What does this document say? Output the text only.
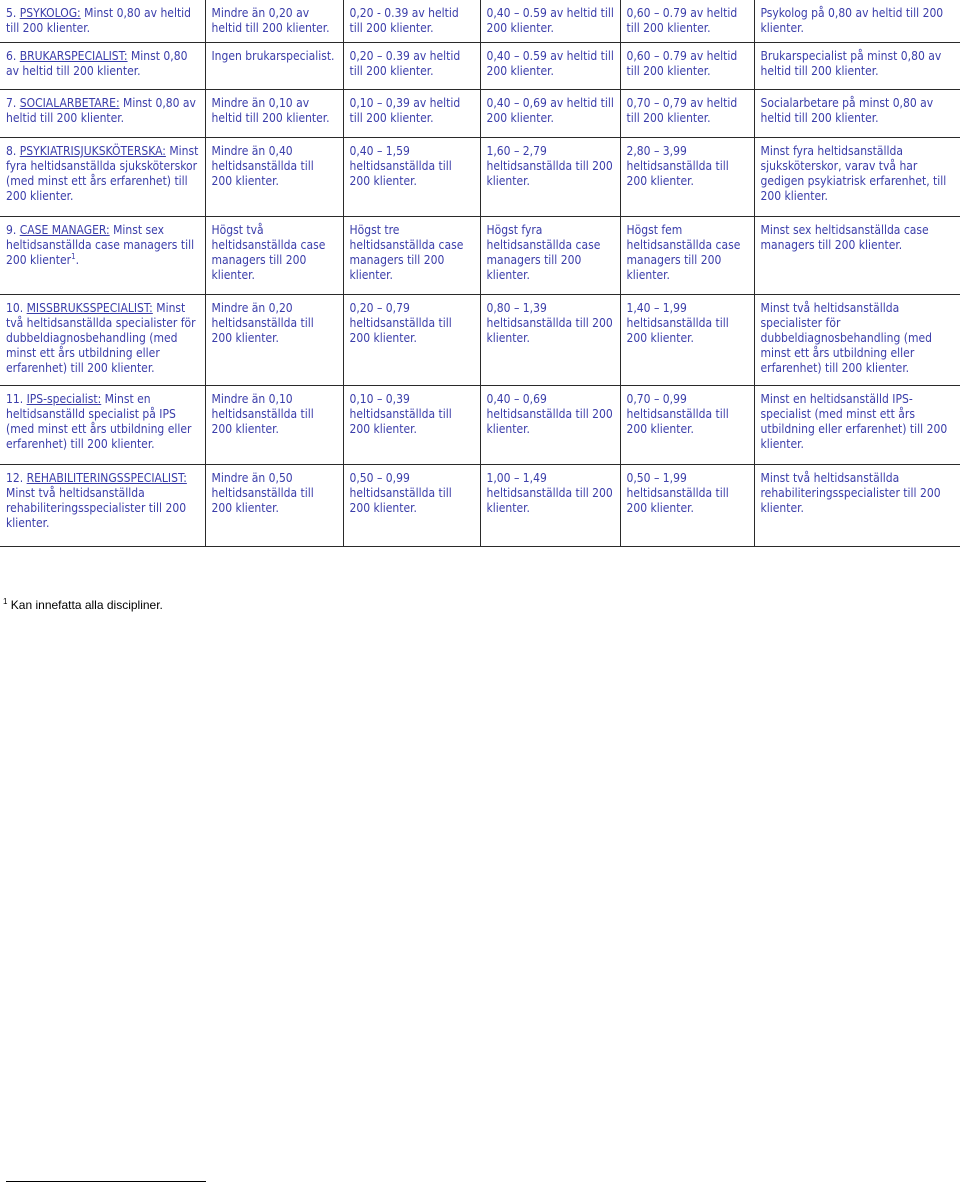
5. PSYKOLOG: Minst 0,80 av heltid till 200 klienter.	Mindre än 0,20 av heltid till 200 klienter.	0,20 - 0.39 av heltid till 200 klienter.	0,40 – 0.59 av heltid till 200 klienter.	0,60 – 0.79 av heltid till 200 klienter.	Psykolog på 0,80 av heltid till 200 klienter.
6. BRUKARSPECIALIST: Minst 0,80 av heltid till 200 klienter.	Ingen brukarspecialist.	0,20 – 0.39 av heltid till 200 klienter.	0,40 – 0.59 av heltid till 200 klienter.	0,60 – 0.79 av heltid till 200 klienter.	Brukarspecialist på minst 0,80 av heltid till 200 klienter.
7. SOCIALARBETARE: Minst 0,80 av heltid till 200 klienter.	Mindre än 0,10 av heltid till 200 klienter.	0,10 – 0,39 av heltid till 200 klienter.	0,40 – 0,69 av heltid till 200 klienter.	0,70 – 0,79 av heltid till 200 klienter.	Socialarbetare på minst 0,80 av heltid till 200 klienter.
8. PSYKIATRISJUKSKÖTERSKA: Minst fyra heltidsanställda sjuksköterskor (med minst ett års erfarenhet) till 200 klienter.	Mindre än 0,40 heltidsanställda till 200 klienter.	0,40 – 1,59 heltidsanställda till 200 klienter.	1,60 – 2,79 heltidsanställda till 200 klienter.	2,80 – 3,99 heltidsanställda till 200 klienter.	Minst fyra heltidsanställda sjuksköterskor, varav två har gedigen psykiatrisk erfarenhet, till 200 klienter.
9. CASE MANAGER: Minst sex heltidsanställda case managers till 200 klienter$^1$.	Högst två heltidsanställda case managers till 200 klienter.	Högst tre heltidsanställda case managers till 200 klienter.	Högst fyra heltidsanställda case managers till 200 klienter.	Högst fem heltidsanställda case managers till 200 klienter.	Minst sex heltidsanställda case managers till 200 klienter.
10. MISSBRUKSSPECIALIST: Minst två heltidsanställda specialister för dubbeldiagnosbehandling (med minst ett års utbildning eller erfarenhet) till 200 klienter.	Mindre än 0,20 heltidsanställda till 200 klienter.	0,20 – 0,79 heltidsanställda till 200 klienter.	0,80 – 1,39 heltidsanställda till 200 klienter.	1,40 – 1,99 heltidsanställda till 200 klienter.	Minst två heltidsanställda specialister för dubbeldiagnosbehandling (med minst ett års utbildning eller erfarenhet) till 200 klienter.
11. IPS-specialist: Minst en heltidsanställd specialist på IPS (med minst ett års utbildning eller erfarenhet) till 200 klienter.	Mindre än 0,10 heltidsanställda till 200 klienter.	0,10 – 0,39 heltidsanställda till 200 klienter.	0,40 – 0,69 heltidsanställda till 200 klienter.	0,70 – 0,99 heltidsanställda till 200 klienter.	Minst en heltidsanställd IPS-specialist (med minst ett års utbildning eller erfarenhet) till 200 klienter.
12. REHABILITERINGSSPECIALIST: Minst två heltidsanställda rehabiliteringsspecialister till 200 klienter.	Mindre än 0,50 heltidsanställda till 200 klienter.	0,50 – 0,99 heltidsanställda till 200 klienter.	1,00 – 1,49 heltidsanställda till 200 klienter.	0,50 – 1,99 heltidsanställda till 200 klienter.	Minst två heltidsanställda rehabiliteringsspecialister till 200 klienter.
$^1$ Kan innefatta alla discipliner.
